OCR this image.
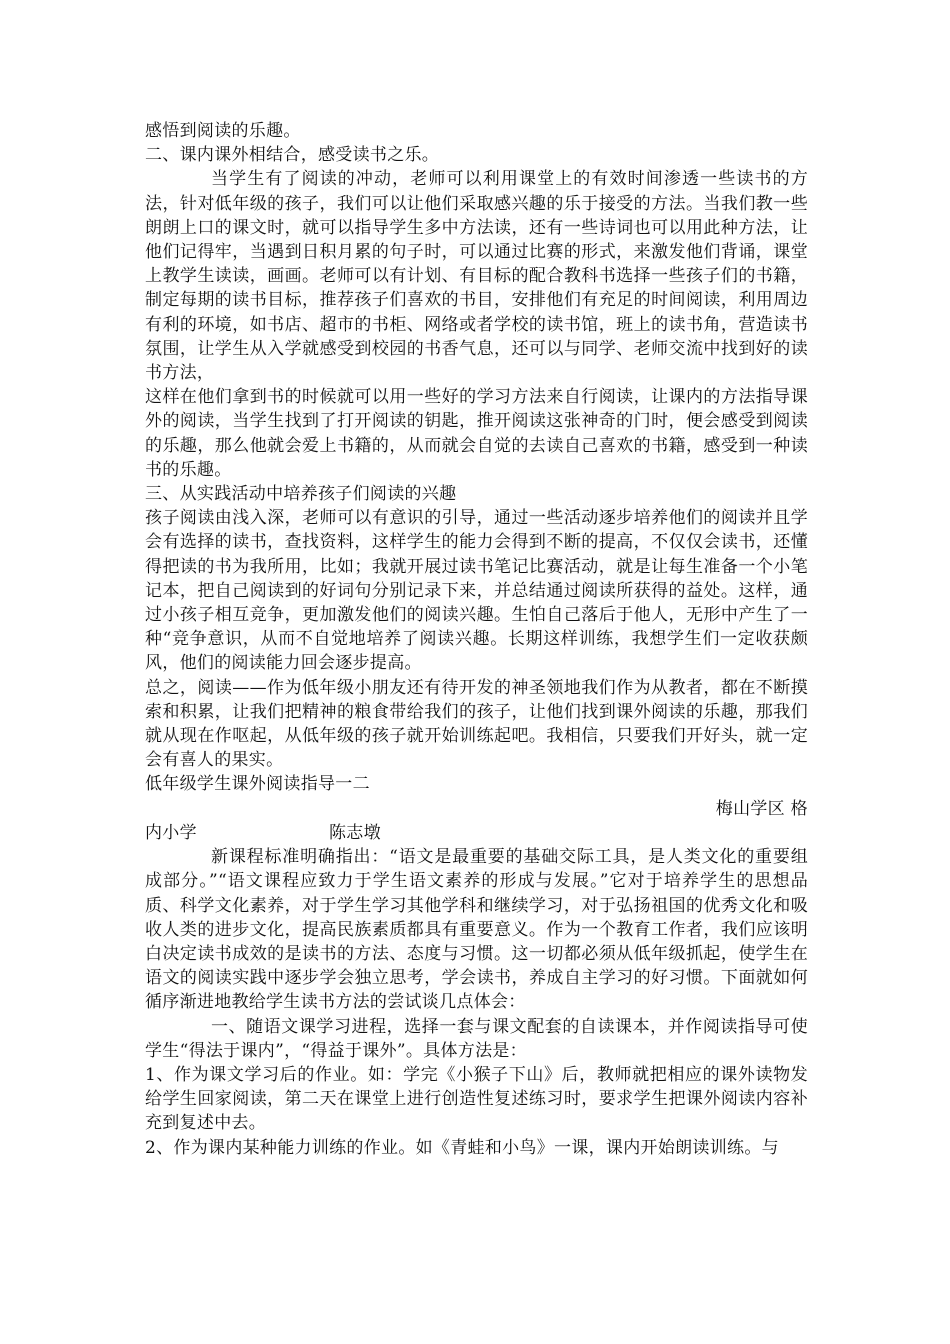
感悟到阅读的乐趣。

二、课内课外相结合，感受读书之乐。

当学生有了阅读的冲动，老师可以利用课堂上的有效时间渗透一些读书的方法，针对低年级的孩子，我们可以让他们采取感兴趣的乐于接受的方法。当我们教一些朗朗上口的课文时，就可以指导学生多中方法读，还有一些诗词也可以用此种方法，让他们记得牢，当遇到日积月累的句子时，可以通过比赛的形式，来激发他们背诵，课堂上教学生读读，画画。老师可以有计划、有目标的配合教科书选择一些孩子们的书籍，制定每期的读书目标，推荐孩子们喜欢的书目，安排他们有充足的时间阅读，利用周边有利的环境，如书店、超市的书柜、网络或者学校的读书馆，班上的读书角，营造读书氛围，让学生从入学就感受到校园的书香气息，还可以与同学、老师交流中找到好的读书方法，

这样在他们拿到书的时候就可以用一些好的学习方法来自行阅读，让课内的方法指导课外的阅读，当学生找到了打开阅读的钥匙，推开阅读这张神奇的门时，便会感受到阅读的乐趣，那么他就会爱上书籍的，从而就会自觉的去读自己喜欢的书籍，感受到一种读书的乐趣。

三、从实践活动中培养孩子们阅读的兴趣

孩子阅读由浅入深，老师可以有意识的引导，通过一些活动逐步培养他们的阅读并且学会有选择的读书，查找资料，这样学生的能力会得到不断的提高，不仅仅会读书，还懂得把读的书为我所用，比如；我就开展过读书笔记比赛活动，就是让每生准备一个小笔记本，把自己阅读到的好词句分别记录下来，并总结通过阅读所获得的益处。这样，通过小孩子相互竞争，更加激发他们的阅读兴趣。生怕自己落后于他人，无形中产生了一种“竞争意识，从而不自觉地培养了阅读兴趣。长期这样训练，我想学生们一定收获颇风，他们的阅读能力回会逐步提高。

总之，阅读——作为低年级小朋友还有待开发的神圣领地我们作为从教者，都在不断摸索和积累，让我们把精神的粮食带给我们的孩子，让他们找到课外阅读的乐趣，那我们就从现在作呕起，从低年级的孩子就开始训练起吧。我相信，只要我们开好头，就一定会有喜人的果实。

低年级学生课外阅读指导一二

梅山学区 格

内小学	陈志墩

新课程标准明确指出：“语文是最重要的基础交际工具，是人类文化的重要组成部分。”“语文课程应致力于学生语文素养的形成与发展。”它对于培养学生的思想品质、科学文化素养，对于学生学习其他学科和继续学习，对于弘扬祖国的优秀文化和吸收人类的进步文化，提高民族素质都具有重要意义。作为一个教育工作者，我们应该明白决定读书成效的是读书的方法、态度与习惯。这一切都必须从低年级抓起，使学生在语文的阅读实践中逐步学会独立思考，学会读书，养成自主学习的好习惯。下面就如何循序渐进地教给学生读书方法的尝试谈几点体会：

一、随语文课学习进程，选择一套与课文配套的自读课本，并作阅读指导可使学生“得法于课内”，“得益于课外”。具体方法是：

1、作为课文学习后的作业。如：学完《小猴子下山》后，教师就把相应的课外读物发给学生回家阅读，第二天在课堂上进行创造性复述练习时，要求学生把课外阅读内容补充到复述中去。

2、作为课内某种能力训练的作业。如《青蛙和小鸟》一课，课内开始朗读训练。与
